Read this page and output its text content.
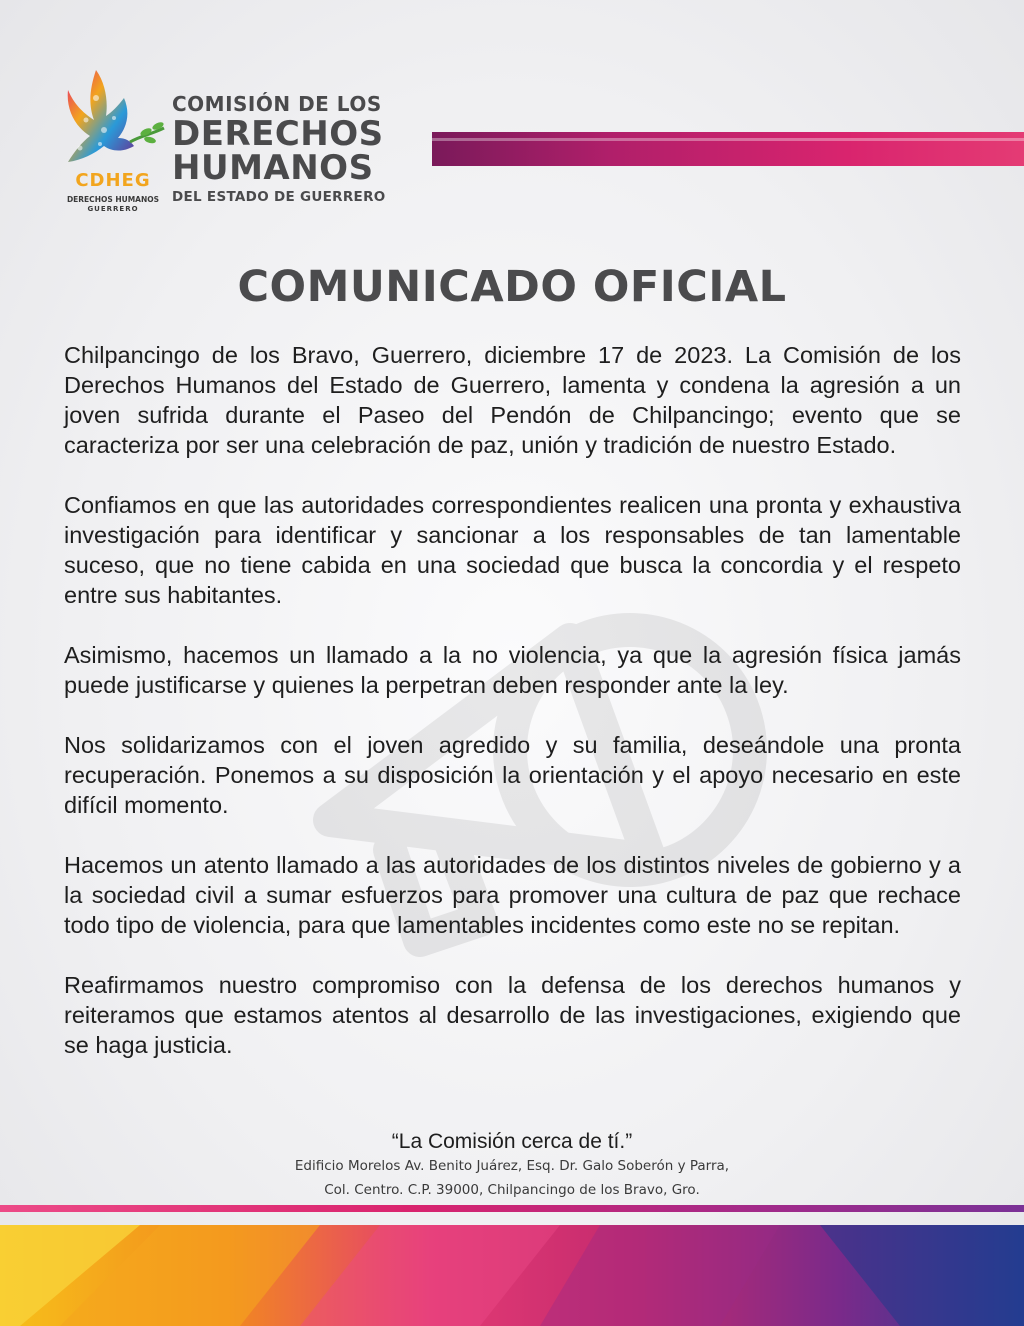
CDHEG
DERECHOS HUMANOS
GUERRERO
COMISIÓN DE LOS
DERECHOS
HUMANOS
DEL ESTADO DE GUERRERO
COMUNICADO OFICIAL

Chilpancingo de los Bravo, Guerrero, diciembre 17 de 2023. La Comisión de los Derechos Humanos del Estado de Guerrero, lamenta y condena la agresión a un joven sufrida durante el Paseo del Pendón de Chilpancingo; evento que se caracteriza por ser una celebración de paz, unión y tradición de nuestro Estado.

Confiamos en que las autoridades correspondientes realicen una pronta y exhaustiva investigación para identificar y sancionar a los responsables de tan lamentable suceso, que no tiene cabida en una sociedad que busca la concordia y el respeto entre sus habitantes.

Asimismo, hacemos un llamado a la no violencia, ya que la agresión física jamás puede justificarse y quienes la perpetran deben responder ante la ley.

Nos solidarizamos con el joven agredido y su familia, deseándole una pronta recuperación. Ponemos a su disposición la orientación y el apoyo necesario en este difícil momento.

Hacemos un atento llamado a las autoridades de los distintos niveles de gobierno y a la sociedad civil a sumar esfuerzos para promover una cultura de paz que rechace todo tipo de violencia, para que lamentables incidentes como este no se repitan.

Reafirmamos nuestro compromiso con la defensa de los derechos humanos y reiteramos que estamos atentos al desarrollo de las investigaciones, exigiendo que se haga justicia.

“La Comisión cerca de tí.”
Edificio Morelos Av. Benito Juárez, Esq. Dr. Galo Soberón y Parra,
Col. Centro. C.P. 39000, Chilpancingo de los Bravo, Gro.
